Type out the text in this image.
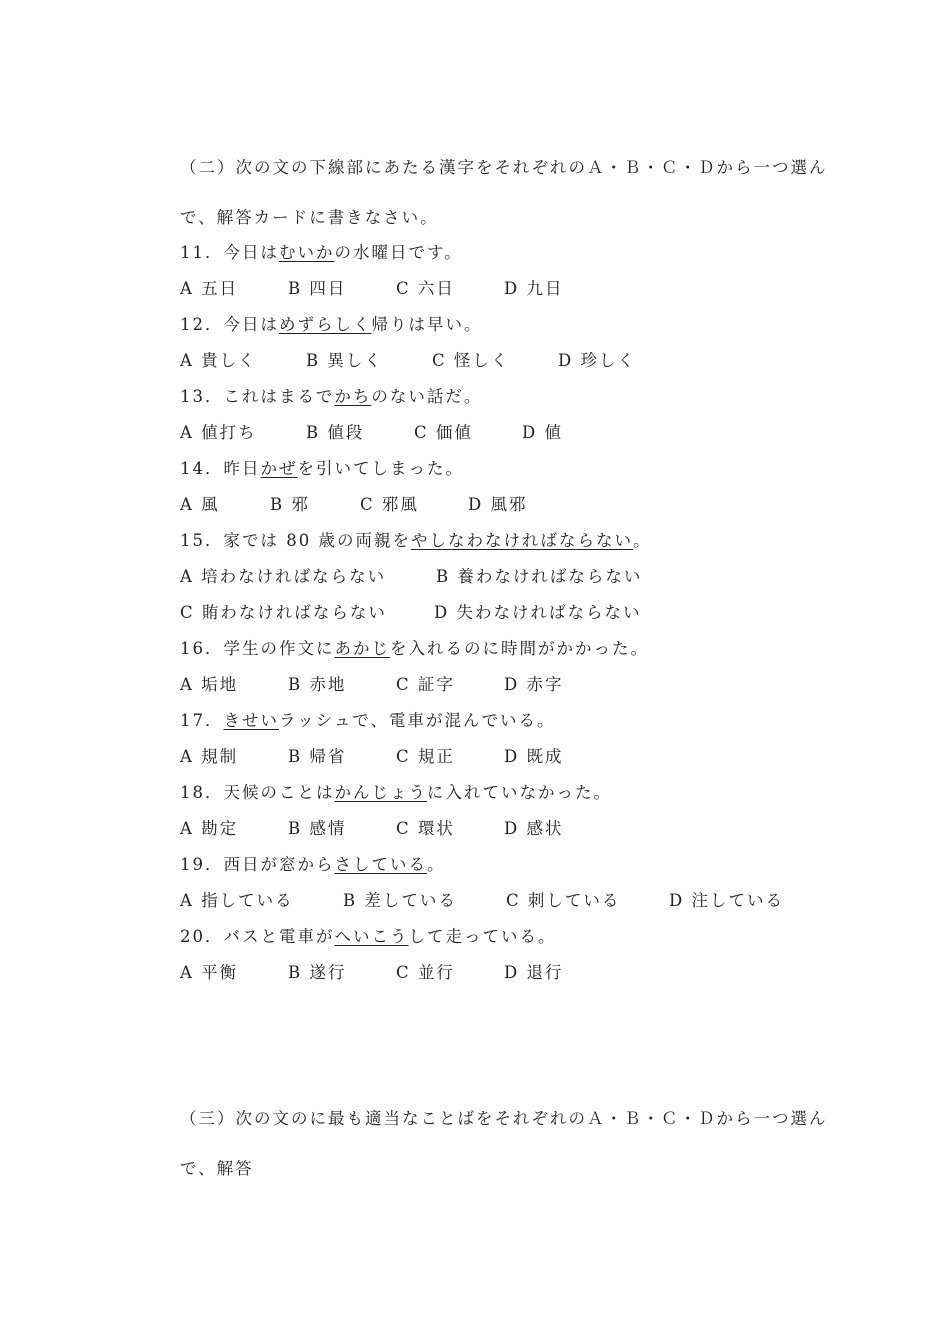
（二）次の文の下線部にあたる漢字をそれぞれのＡ・Ｂ・Ｃ・Ｄから一つ選ん
で、解答カードに書きなさい。
11．今日はむいかの水曜日です。
A 五日	B 四日	C 六日	D 九日
12．今日はめずらしく帰りは早い。
A 貴しく	B 異しく	C 怪しく	D 珍しく
13．これはまるでかちのない話だ。
A 値打ち	B 値段	C 価値	D 値
14．昨日かぜを引いてしまった。
A 風	B 邪	C 邪風	D 風邪
15．家では 80 歳の両親をやしなわなければならない。
A 培わなければならない	B 養わなければならない
C 賄わなければならない	D 失わなければならない
16．学生の作文にあかじを入れるのに時間がかかった。
A 垢地	B 赤地	C 証字	D 赤字
17．きせいラッシュで、電車が混んでいる。
A 規制	B 帰省	C 規正	D 既成
18．天候のことはかんじょうに入れていなかった。
A 勘定	B 感情	C 環状	D 感状
19．西日が窓からさしている。
A 指している	B 差している	C 刺している	D 注している
20．バスと電車がへいこうして走っている。
A 平衡	B 遂行	C 並行	D 退行
（三）次の文のに最も適当なことばをそれぞれのＡ・Ｂ・Ｃ・Ｄから一つ選ん
で、解答
